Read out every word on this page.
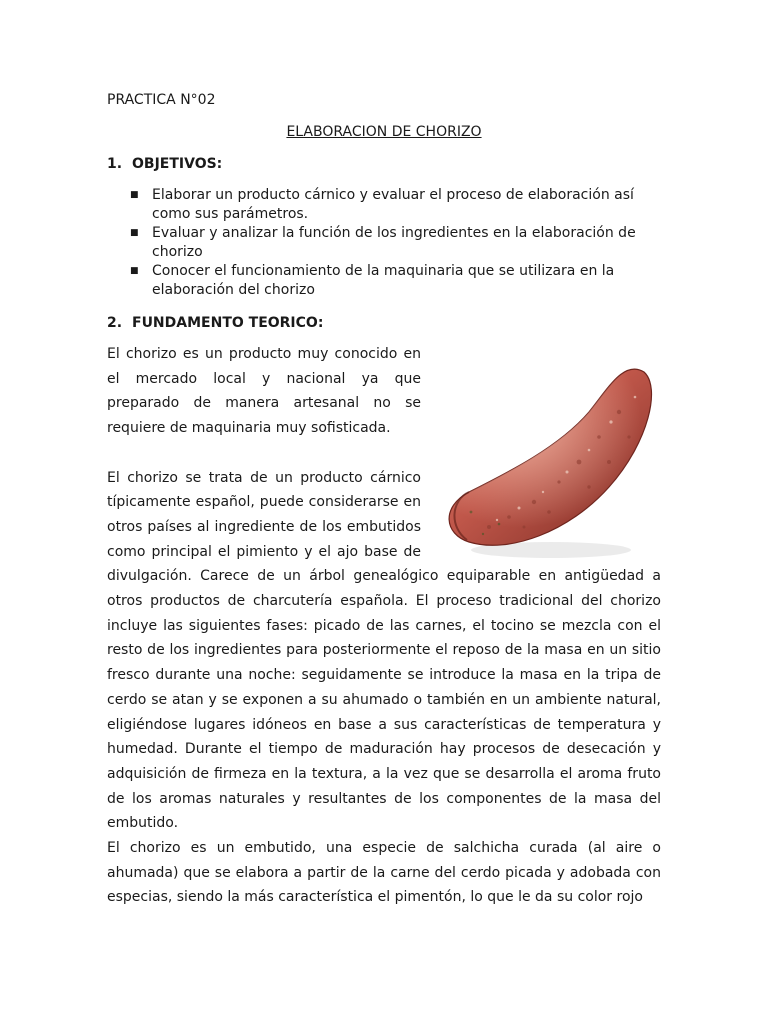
PRACTICA N°02
ELABORACION DE CHORIZO
1. OBJETIVOS:
■ Elaborar un producto cárnico y evaluar el proceso de elaboración así como sus parámetros.
■ Evaluar y analizar la función de los ingredientes en la elaboración de chorizo
■ Conocer el funcionamiento de la maquinaria que se utilizara en la elaboración del chorizo
2. FUNDAMENTO TEORICO:

El chorizo es un producto muy conocido en el mercado local y nacional ya que preparado de manera artesanal no se requiere de maquinaria muy sofisticada.

El chorizo se trata de un producto cárnico típicamente español, puede considerarse en otros países al ingrediente de los embutidos como principal el pimiento y el ajo base de divulgación. Carece de un árbol genealógico equiparable en antigüedad a otros productos de charcutería española. El proceso tradicional del chorizo incluye las siguientes fases: picado de las carnes, el tocino se mezcla con el resto de los ingredientes para posteriormente el reposo de la masa en un sitio fresco durante una noche: seguidamente se introduce la masa en la tripa de cerdo se atan y se exponen a su ahumado o también en un ambiente natural, eligiéndose lugares idóneos en base a sus características de temperatura y humedad. Durante el tiempo de maduración hay procesos de desecación y adquisición de firmeza en la textura, a la vez que se desarrolla el aroma fruto de los aromas naturales y resultantes de los componentes de la masa del embutido.

El chorizo es un embutido, una especie de salchicha curada (al aire o ahumada) que se elabora a partir de la carne del cerdo picada y adobada con especias, siendo la más característica el pimentón, lo que le da su color rojo
